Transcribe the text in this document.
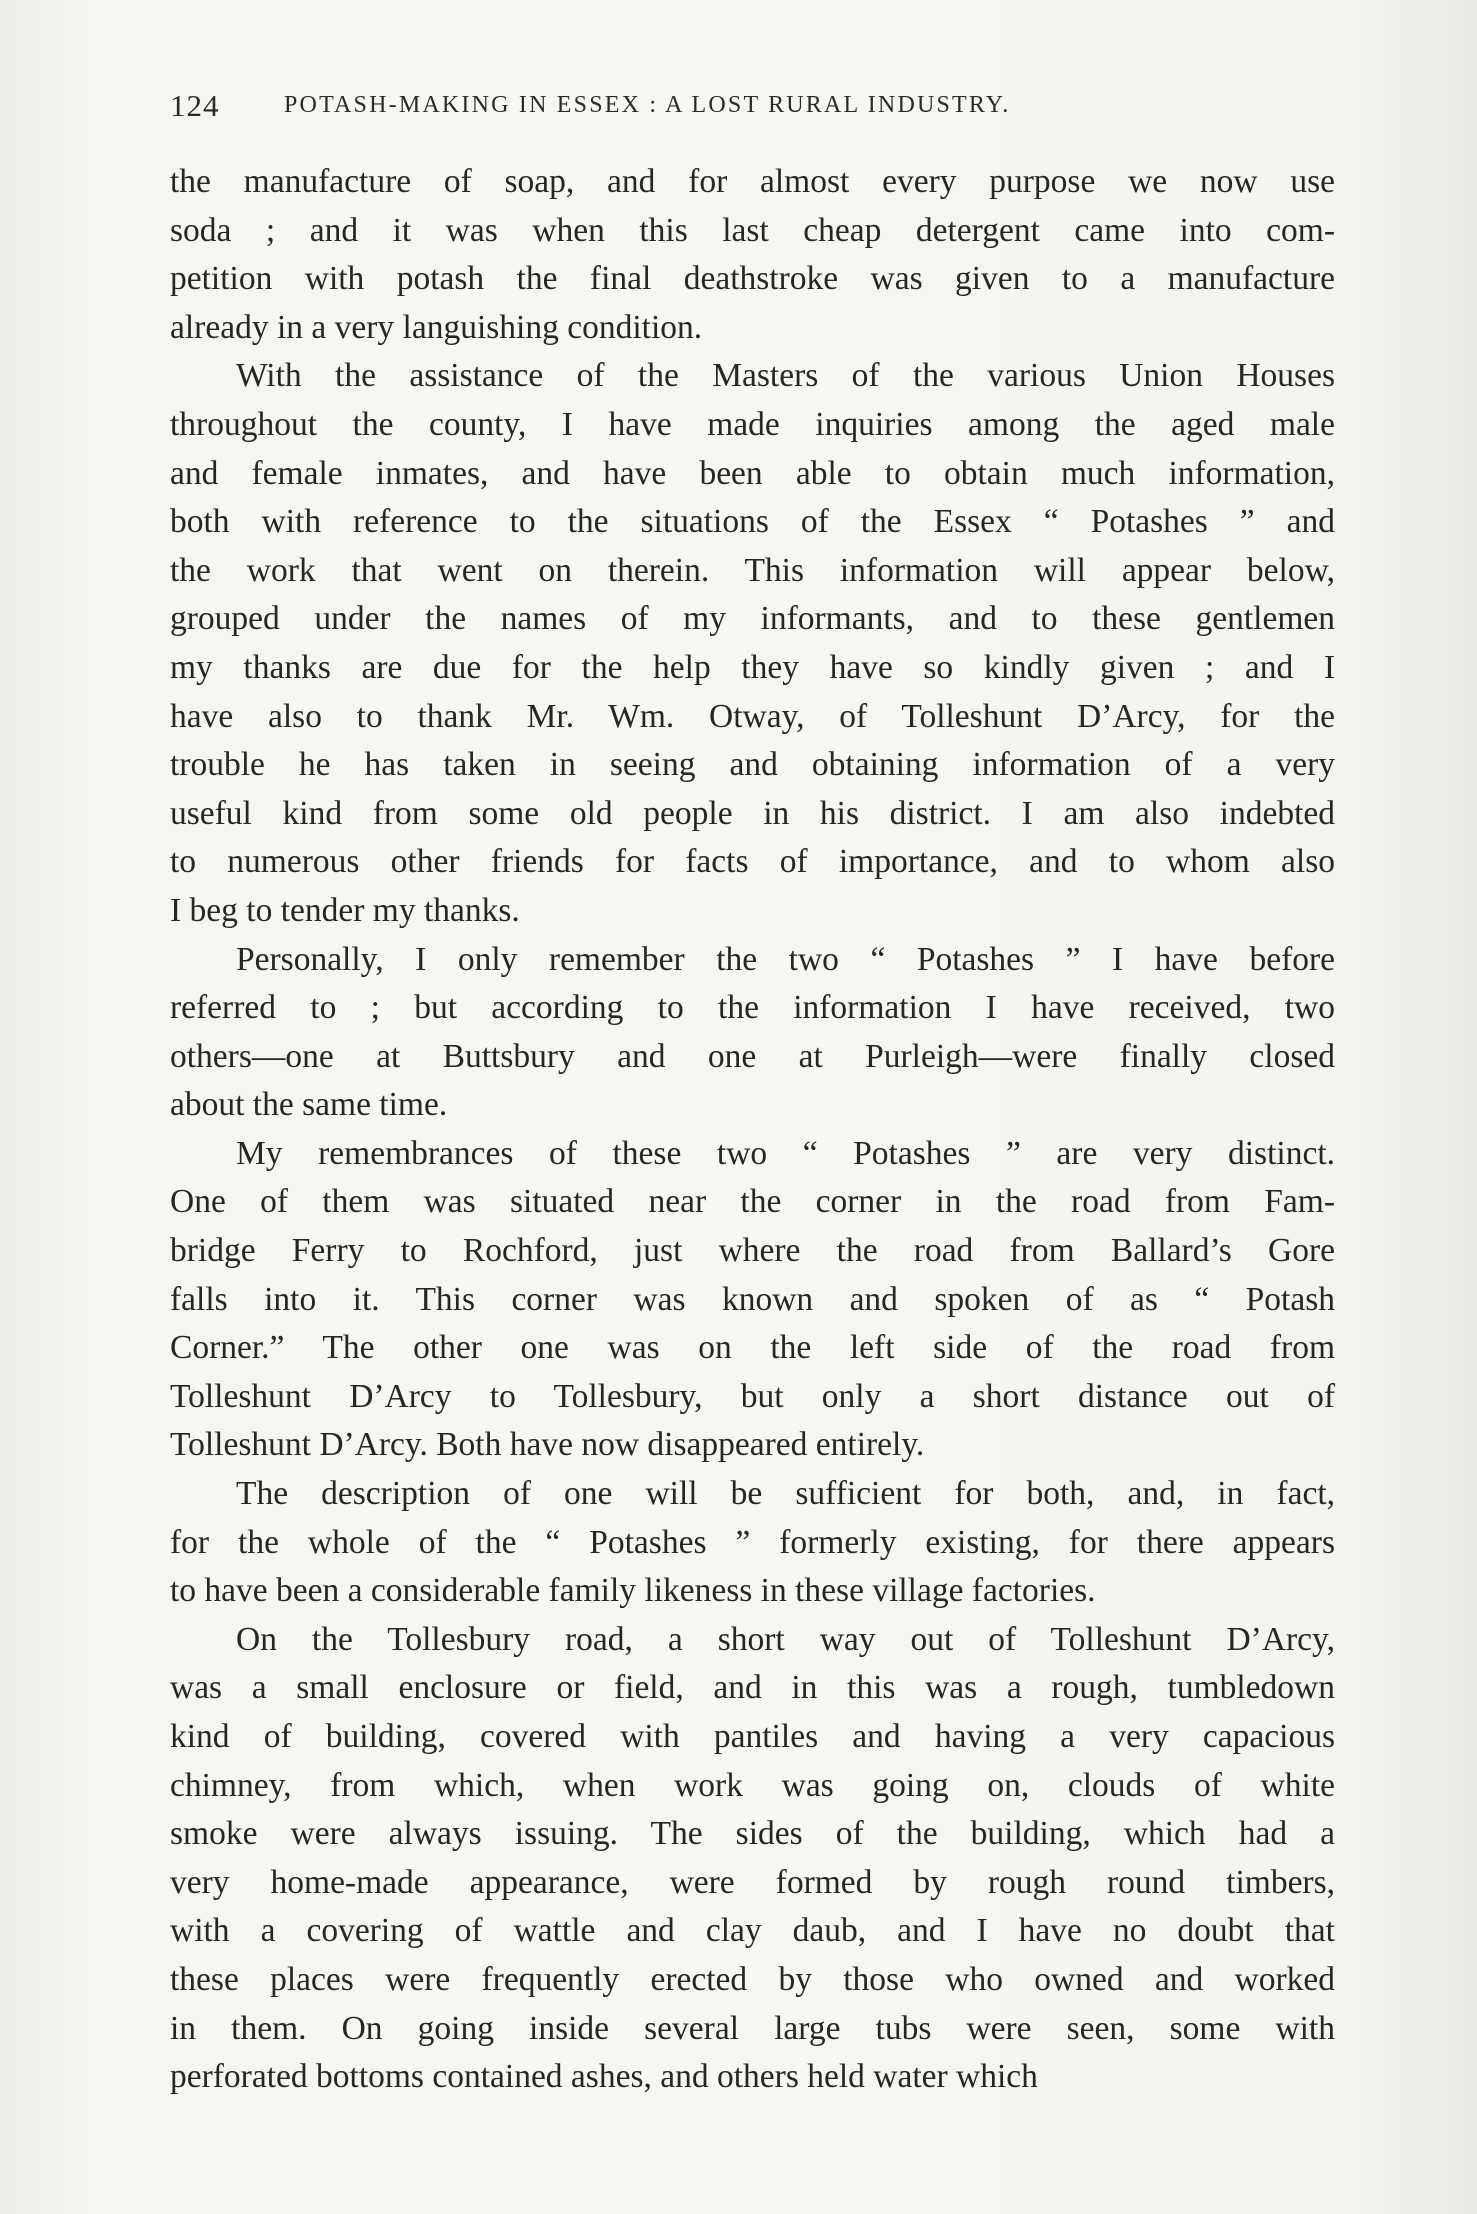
124	POTASH-MAKING IN ESSEX : A LOST RURAL INDUSTRY.
the manufacture of soap, and for almost every purpose we now use
soda ; and it was when this last cheap detergent came into com-
petition with potash the final deathstroke was given to a manufacture
already in a very languishing condition.
With the assistance of the Masters of the various Union Houses
throughout the county, I have made inquiries among the aged male
and female inmates, and have been able to obtain much information,
both with reference to the situations of the Essex “ Potashes ” and
the work that went on therein. This information will appear below,
grouped under the names of my informants, and to these gentlemen
my thanks are due for the help they have so kindly given ; and I
have also to thank Mr. Wm. Otway, of Tolleshunt D’Arcy, for the
trouble he has taken in seeing and obtaining information of a very
useful kind from some old people in his district. I am also indebted
to numerous other friends for facts of importance, and to whom also
I beg to tender my thanks.
Personally, I only remember the two “ Potashes ” I have before
referred to ; but according to the information I have received, two
others—one at Buttsbury and one at Purleigh—were finally closed
about the same time.
My remembrances of these two “ Potashes ” are very distinct.
One of them was situated near the corner in the road from Fam-
bridge Ferry to Rochford, just where the road from Ballard’s Gore
falls into it. This corner was known and spoken of as “ Potash
Corner.” The other one was on the left side of the road from
Tolleshunt D’Arcy to Tollesbury, but only a short distance out of
Tolleshunt D’Arcy. Both have now disappeared entirely.
The description of one will be sufficient for both, and, in fact,
for the whole of the “ Potashes ” formerly existing, for there appears
to have been a considerable family likeness in these village factories.
On the Tollesbury road, a short way out of Tolleshunt D’Arcy,
was a small enclosure or field, and in this was a rough, tumbledown
kind of building, covered with pantiles and having a very capacious
chimney, from which, when work was going on, clouds of white
smoke were always issuing. The sides of the building, which had a
very home-made appearance, were formed by rough round timbers,
with a covering of wattle and clay daub, and I have no doubt that
these places were frequently erected by those who owned and worked
in them. On going inside several large tubs were seen, some with
perforated bottoms contained ashes, and others held water which
